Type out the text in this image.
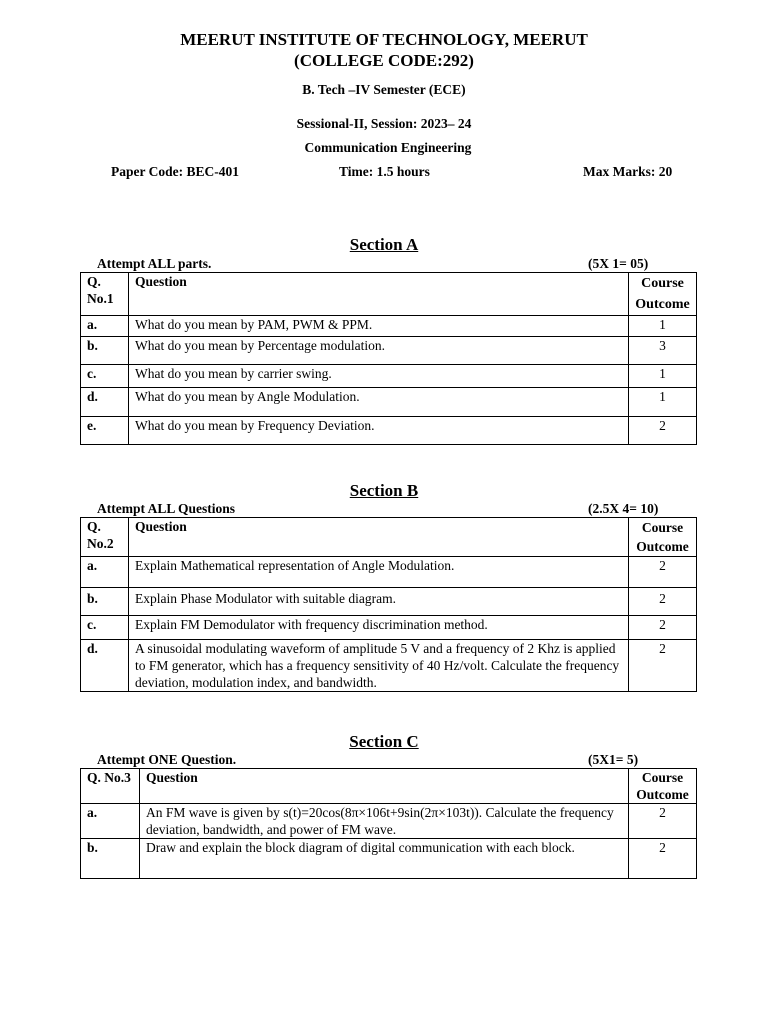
MEERUT INSTITUTE OF TECHNOLOGY, MEERUT
(COLLEGE CODE:292)
B. Tech –IV Semester (ECE)
Sessional-II, Session: 2023– 24
Communication Engineering
Paper Code: BEC-401	Time: 1.5 hours	Max Marks: 20
Section A
Attempt ALL parts.	(5X 1= 05)
Q. No.1	Question	Course Outcome
a.	What do you mean by PAM, PWM & PPM.	1
b.	What do you mean by Percentage modulation.	3
c.	What do you mean by carrier swing.	1
d.	What do you mean by Angle Modulation.	1
e.	What do you mean by Frequency Deviation.	2
Section B
Attempt ALL Questions	(2.5X 4= 10)
Q. No.2	Question	Course Outcome
a.	Explain Mathematical representation of Angle Modulation.	2
b.	Explain Phase Modulator with suitable diagram.	2
c.	Explain FM Demodulator with frequency discrimination method.	2
d.	A sinusoidal modulating waveform of amplitude 5 V and a frequency of 2 Khz is applied to FM generator, which has a frequency sensitivity of 40 Hz/volt. Calculate the frequency deviation, modulation index, and bandwidth.	2
Section C
Attempt ONE Question.	(5X1= 5)
Q. No.3	Question	Course Outcome
a.	An FM wave is given by s(t)=20cos(8π×106t+9sin(2π×103t)). Calculate the frequency deviation, bandwidth, and power of FM wave.	2
b.	Draw and explain the block diagram of digital communication with each block.	2
